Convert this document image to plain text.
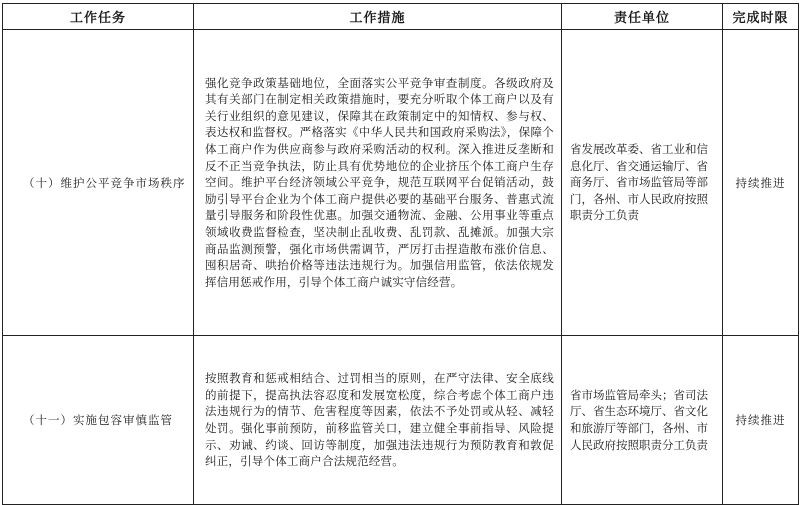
工作任务	工作措施	责任单位	完成时限
（十）维护公平竞争市场秩序	强化竞争政策基础地位，全面落实公平竞争审查制度。各级政府及其有关部门在制定相关政策措施时，要充分听取个体工商户以及有关行业组织的意见建议，保障其在政策制定中的知情权、参与权、表达权和监督权。严格落实《中华人民共和国政府采购法》，保障个体工商户作为供应商参与政府采购活动的权利。深入推进反垄断和反不正当竞争执法，防止具有优势地位的企业挤压个体工商户生存空间。维护平台经济领域公平竞争，规范互联网平台促销活动，鼓励引导平台企业为个体工商户提供必要的基础平台服务、普惠式流量引导服务和阶段性优惠。加强交通物流、金融、公用事业等重点领域收费监督检查，坚决制止乱收费、乱罚款、乱摊派。加强大宗商品监测预警，强化市场供需调节，严厉打击捏造散布涨价信息、囤积居奇、哄抬价格等违法违规行为。加强信用监管，依法依规发挥信用惩戒作用，引导个体工商户诚实守信经营。	省发展改革委、省工业和信息化厅、省交通运输厅、省商务厅、省市场监管局等部门，各州、市人民政府按照职责分工负责	持续推进
（十一）实施包容审慎监管	按照教育和惩戒相结合、过罚相当的原则，在严守法律、安全底线的前提下，提高执法容忍度和发展宽松度，综合考虑个体工商户违法违规行为的情节、危害程度等因素，依法不予处罚或从轻、减轻处罚。强化事前预防，前移监管关口，建立健全事前指导、风险提示、劝诫、约谈、回访等制度，加强违法违规行为预防教育和敦促纠正，引导个体工商户合法规范经营。	省市场监管局牵头；省司法厅、省生态环境厅、省文化和旅游厅等部门，各州、市人民政府按照职责分工负责	持续推进
